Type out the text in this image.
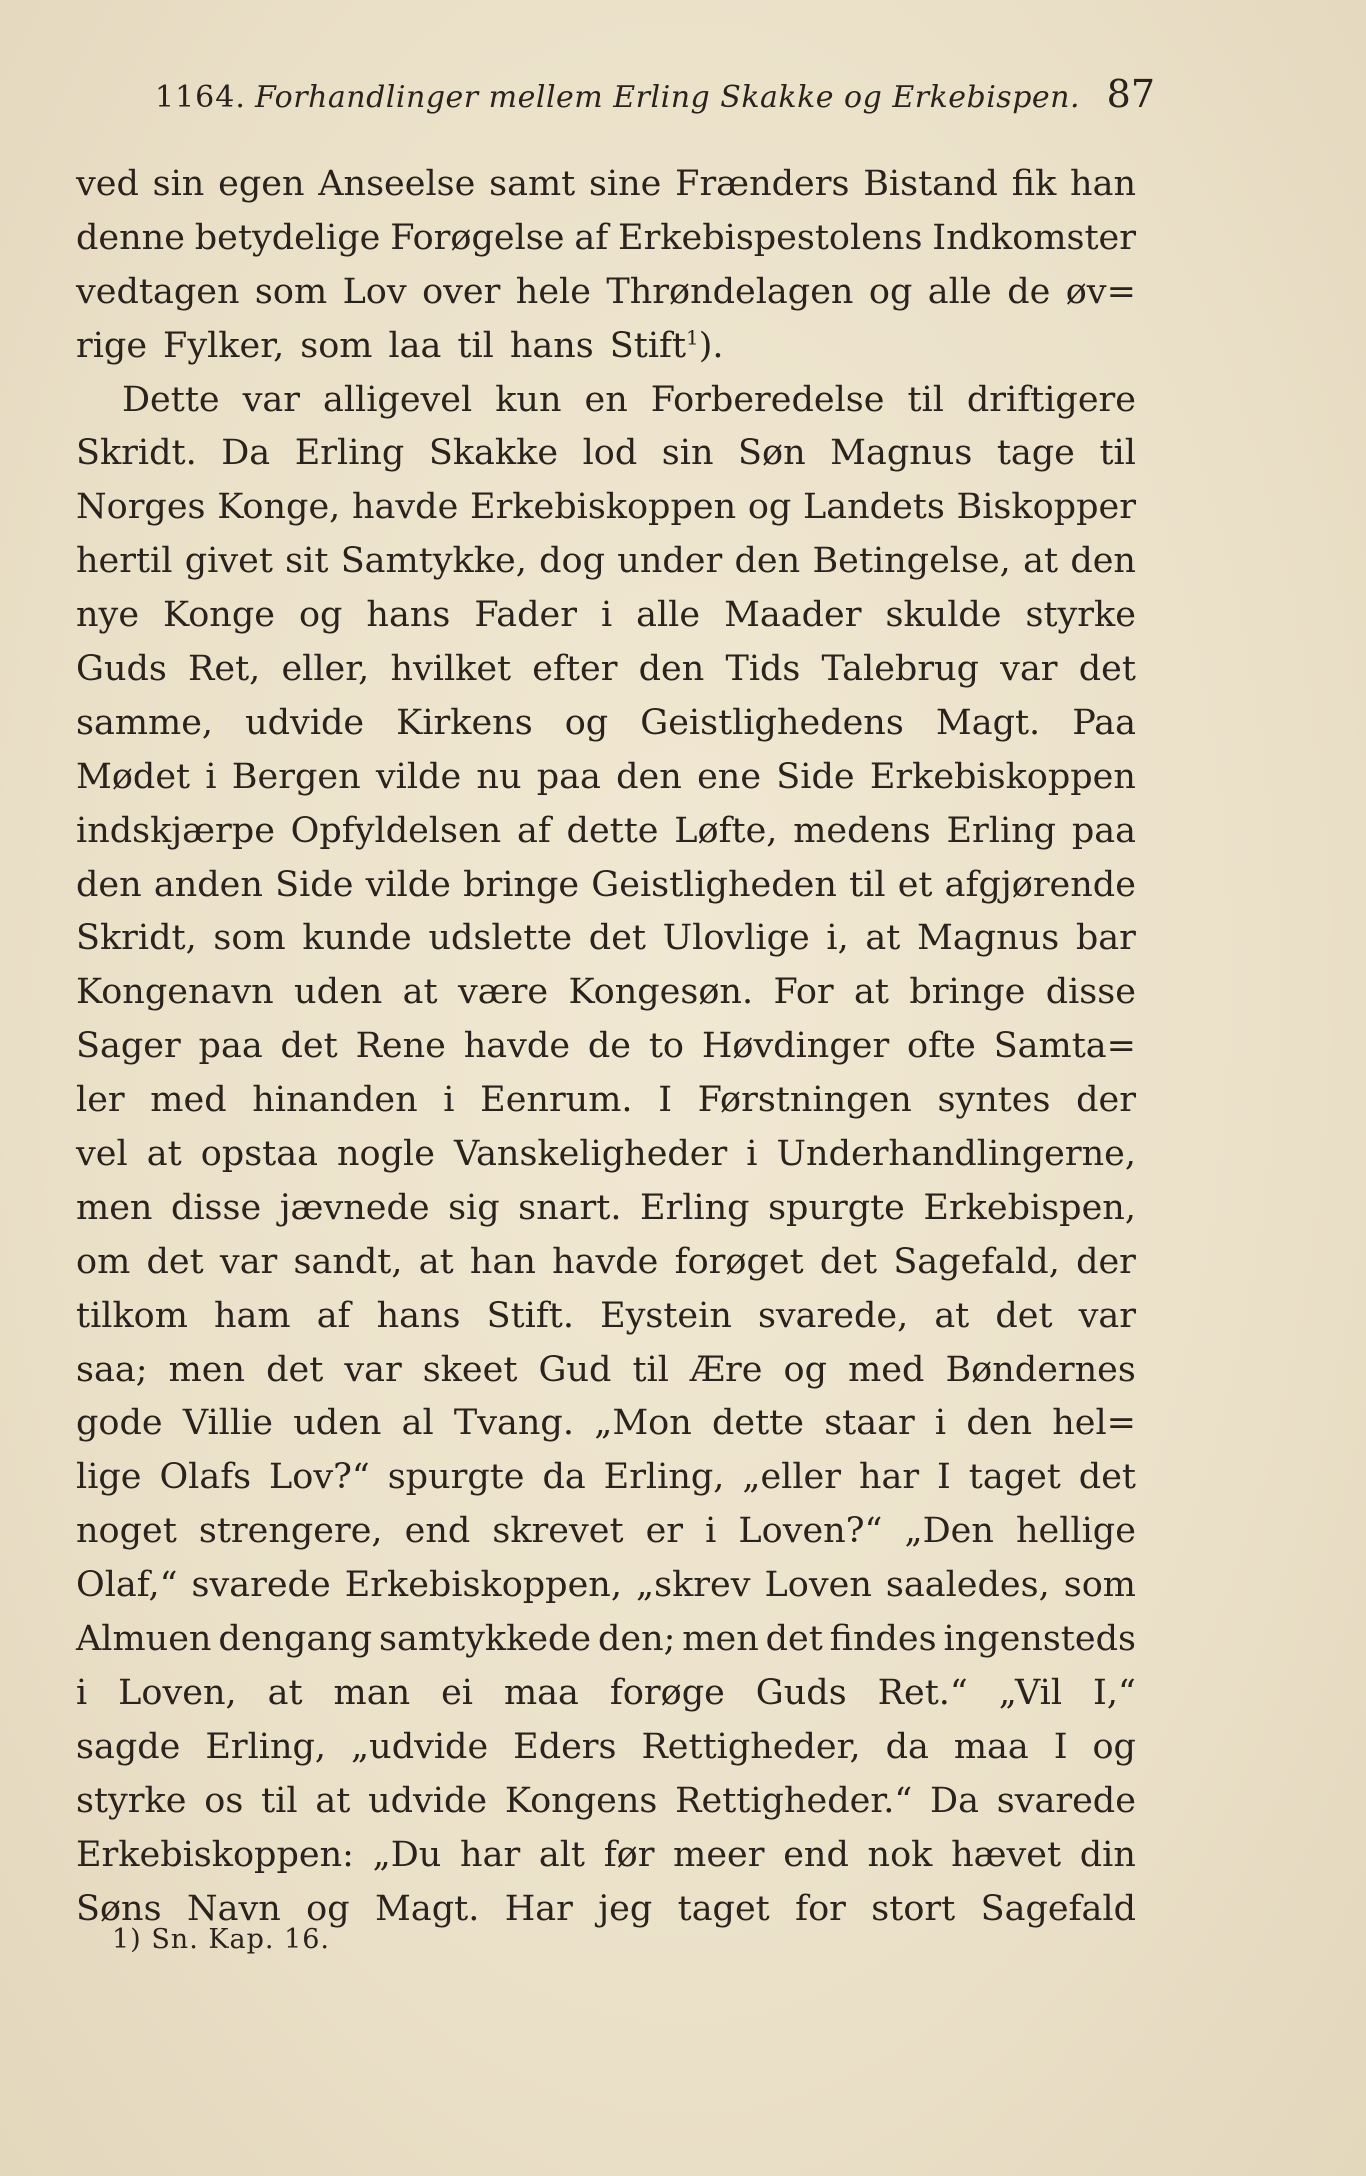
1164. Forhandlinger mellem Erling Skakke og Erkebispen. 87
ved sin egen Anseelse samt sine Frænders Bistand fik han
denne betydelige Forøgelse af Erkebispestolens Indkomster
vedtagen som Lov over hele Thrøndelagen og alle de øv=
rige Fylker, som laa til hans Stift$^1$).
Dette var alligevel kun en Forberedelse til driftigere
Skridt. Da Erling Skakke lod sin Søn Magnus tage til
Norges Konge, havde Erkebiskoppen og Landets Biskopper
hertil givet sit Samtykke, dog under den Betingelse, at den
nye Konge og hans Fader i alle Maader skulde styrke
Guds Ret, eller, hvilket efter den Tids Talebrug var det
samme, udvide Kirkens og Geistlighedens Magt. Paa
Mødet i Bergen vilde nu paa den ene Side Erkebiskoppen
indskjærpe Opfyldelsen af dette Løfte, medens Erling paa
den anden Side vilde bringe Geistligheden til et afgjørende
Skridt, som kunde udslette det Ulovlige i, at Magnus bar
Kongenavn uden at være Kongesøn. For at bringe disse
Sager paa det Rene havde de to Høvdinger ofte Samta=
ler med hinanden i Eenrum. I Førstningen syntes der
vel at opstaa nogle Vanskeligheder i Underhandlingerne,
men disse jævnede sig snart. Erling spurgte Erkebispen,
om det var sandt, at han havde forøget det Sagefald, der
tilkom ham af hans Stift. Eystein svarede, at det var
saa; men det var skeet Gud til Ære og med Bøndernes
gode Villie uden al Tvang. „Mon dette staar i den hel=
lige Olafs Lov?“ spurgte da Erling, „eller har I taget det
noget strengere, end skrevet er i Loven?“ „Den hellige
Olaf,“ svarede Erkebiskoppen, „skrev Loven saaledes, som
Almuen dengang samtykkede den; men det findes ingensteds
i Loven, at man ei maa forøge Guds Ret.“ „Vil I,“
sagde Erling, „udvide Eders Rettigheder, da maa I og
styrke os til at udvide Kongens Rettigheder.“ Da svarede
Erkebiskoppen: „Du har alt før meer end nok hævet din
Søns Navn og Magt. Har jeg taget for stort Sagefald
1) Sn. Kap. 16.
